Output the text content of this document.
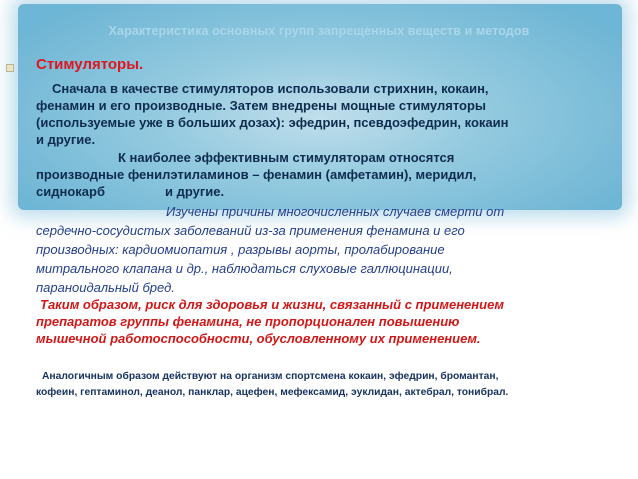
Характеристика основных групп запрещенных веществ и методов
Стимуляторы.
Сначала в качестве стимуляторов использовали стрихнин, кокаин,
фенамин и его производные. Затем внедрены мощные стимуляторы
(используемые уже в больших дозах): эфедрин, псевдоэфедрин, кокаин
и другие.
К наиболее эффективным стимуляторам относятся
производные фенилэтиламинов – фенамин (амфетамин), меридил,
сиднокарб	и другие.
Изучены причины многочисленных случаев смерти от
сердечно-сосудистых заболеваний из-за применения фенамина и его
производных: кардиомиопатия , разрывы аорты, пролабирование
митрального клапана и др., наблюдаться слуховые галлюцинации,
параноидальный бред.
Таким образом, риск для здоровья и жизни, связанный с применением
препаратов группы фенамина, не пропорционален повышению
мышечной работоспособности, обусловленному их применением.
Аналогичным образом действуют на организм спортсмена кокаин, эфедрин, бромантан,
кофеин, гептаминол, деанол, панклар, ацефен, мефексамид, эуклидан, актебрал, тонибрал.
